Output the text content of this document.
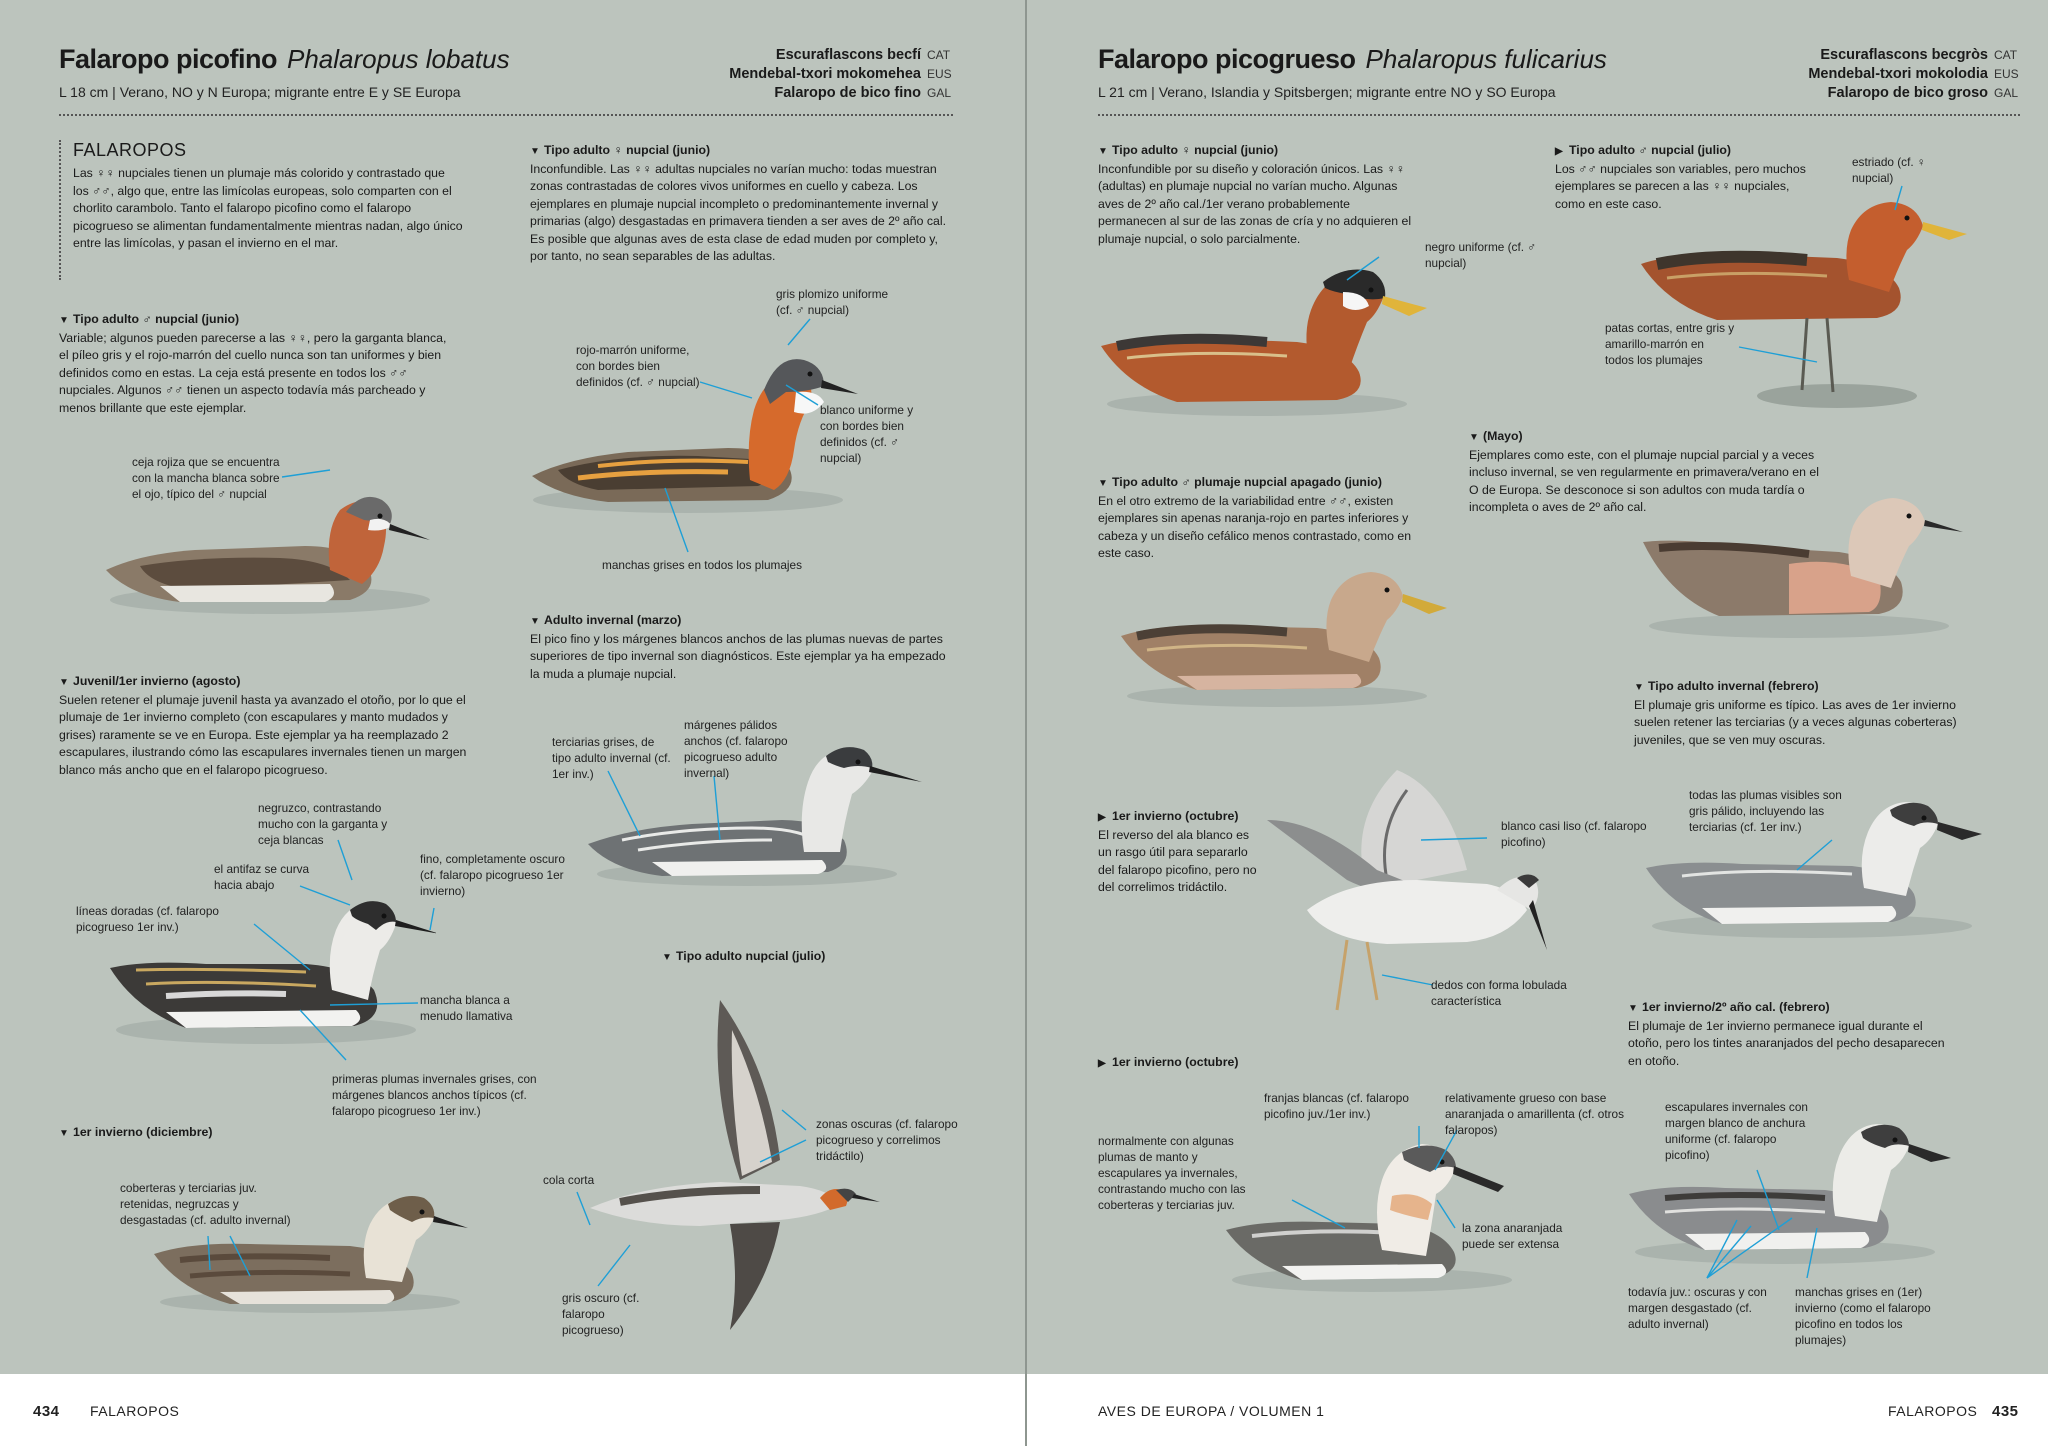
Falaropo picofino Phalaropus lobatus
L 18 cm | Verano, NO y N Europa; migrante entre E y SE Europa
Escuraflascons becfí CAT
Mendebal-txori mokomehea EUS
Falaropo de bico fino GAL
FALAROPOS
Las ♀♀ nupciales tienen un plumaje más colorido y contrastado que los ♂♂, algo que, entre las limícolas europeas, solo comparten con el chorlito carambolo. Tanto el falaropo picofino como el falaropo picogrueso se alimentan fundamentalmente mientras nadan, algo único entre las limícolas, y pasan el invierno en el mar.
▼ Tipo adulto ♀ nupcial (junio)
Inconfundible. Las ♀♀ adultas nupciales no varían mucho: todas muestran zonas contrastadas de colores vivos uniformes en cuello y cabeza. Los ejemplares en plumaje nupcial incompleto o predominantemente invernal y primarias (algo) desgastadas en primavera tienden a ser aves de 2º año cal. Es posible que algunas aves de esta clase de edad muden por completo y, por tanto, no sean separables de las adultas.
▼ Tipo adulto ♂ nupcial (junio)
Variable; algunos pueden parecerse a las ♀♀, pero la garganta blanca, el píleo gris y el rojo-marrón del cuello nunca son tan uniformes y bien definidos como en estas. La ceja está presente en todos los ♂♂ nupciales. Algunos ♂♂ tienen un aspecto todavía más parcheado y menos brillante que este ejemplar.
▼ Adulto invernal (marzo)
El pico fino y los márgenes blancos anchos de las plumas nuevas de partes superiores de tipo invernal son diagnósticos. Este ejemplar ya ha empezado la muda a plumaje nupcial.
▼ Juvenil/1er invierno (agosto)
Suelen retener el plumaje juvenil hasta ya avanzado el otoño, por lo que el plumaje de 1er invierno completo (con escapulares y manto mudados y grises) raramente se ve en Europa. Este ejemplar ya ha reemplazado 2 escapulares, ilustrando cómo las escapulares invernales tienen un margen blanco más ancho que en el falaropo picogrueso.
▼ Tipo adulto nupcial (julio)
▼ 1er invierno (diciembre)
ceja rojiza que se encuentra con la mancha blanca sobre el ojo, típico del ♂ nupcial
gris plomizo uniforme (cf. ♂ nupcial)
rojo-marrón uniforme, con bordes bien definidos (cf. ♂ nupcial)
blanco uniforme y con bordes bien definidos (cf. ♂ nupcial)
manchas grises en todos los plumajes
terciarias grises, de tipo adulto invernal (cf. 1er inv.)
márgenes pálidos anchos (cf. falaropo picogrueso adulto invernal)
negruzco, contrastando mucho con la garganta y ceja blancas
el antifaz se curva hacia abajo
fino, completamente oscuro (cf. falaropo picogrueso 1er invierno)
líneas doradas (cf. falaropo picogrueso 1er inv.)
mancha blanca a menudo llamativa
primeras plumas invernales grises, con márgenes blancos anchos típicos (cf. falaropo picogrueso 1er inv.)
coberteras y terciarias juv. retenidas, negruzcas y desgastadas (cf. adulto invernal)
cola corta
zonas oscuras (cf. falaropo picogrueso y correlimos tridáctilo)
gris oscuro (cf. falaropo picogrueso)
434 FALAROPOS
Falaropo picogrueso Phalaropus fulicarius
L 21 cm | Verano, Islandia y Spitsbergen; migrante entre NO y SO Europa
Escuraflascons becgròs CAT
Mendebal-txori mokolodia EUS
Falaropo de bico groso GAL
▼ Tipo adulto ♀ nupcial (junio)
Inconfundible por su diseño y coloración únicos. Las ♀♀ (adultas) en plumaje nupcial no varían mucho. Algunas aves de 2º año cal./1er verano probablemente permanecen al sur de las zonas de cría y no adquieren el plumaje nupcial, o solo parcialmente.
▶ Tipo adulto ♂ nupcial (julio)
Los ♂♂ nupciales son variables, pero muchos ejemplares se parecen a las ♀♀ nupciales, como en este caso.
▼ (Mayo)
Ejemplares como este, con el plumaje nupcial parcial y a veces incluso invernal, se ven regularmente en primavera/verano en el O de Europa. Se desconoce si son adultos con muda tardía o incompleta o aves de 2º año cal.
▼ Tipo adulto ♂ plumaje nupcial apagado (junio)
En el otro extremo de la variabilidad entre ♂♂, existen ejemplares sin apenas naranja-rojo en partes inferiores y cabeza y un diseño cefálico menos contrastado, como en este caso.
▼ Tipo adulto invernal (febrero)
El plumaje gris uniforme es típico. Las aves de 1er invierno suelen retener las terciarias (y a veces algunas coberteras) juveniles, que se ven muy oscuras.
▶ 1er invierno (octubre)
El reverso del ala blanco es un rasgo útil para separarlo del falaropo picofino, pero no del correlimos tridáctilo.
▼ 1er invierno/2º año cal. (febrero)
El plumaje de 1er invierno permanece igual durante el otoño, pero los tintes anaranjados del pecho desaparecen en otoño.
▶ 1er invierno (octubre)
negro uniforme (cf. ♂ nupcial)
estriado (cf. ♀ nupcial)
patas cortas, entre gris y amarillo-marrón en todos los plumajes
blanco casi liso (cf. falaropo picofino)
dedos con forma lobulada característica
todas las plumas visibles son gris pálido, incluyendo las terciarias (cf. 1er inv.)
franjas blancas (cf. falaropo picofino juv./1er inv.)
relativamente grueso con base anaranjada o amarillenta (cf. otros falaropos)
normalmente con algunas plumas de manto y escapulares ya invernales, contrastando mucho con las coberteras y terciarias juv.
la zona anaranjada puede ser extensa
escapulares invernales con margen blanco de anchura uniforme (cf. falaropo picofino)
todavía juv.: oscuras y con margen desgastado (cf. adulto invernal)
manchas grises en (1er) invierno (como el falaropo picofino en todos los plumajes)
AVES DE EUROPA / VOLUMEN 1	FALAROPOS 435
